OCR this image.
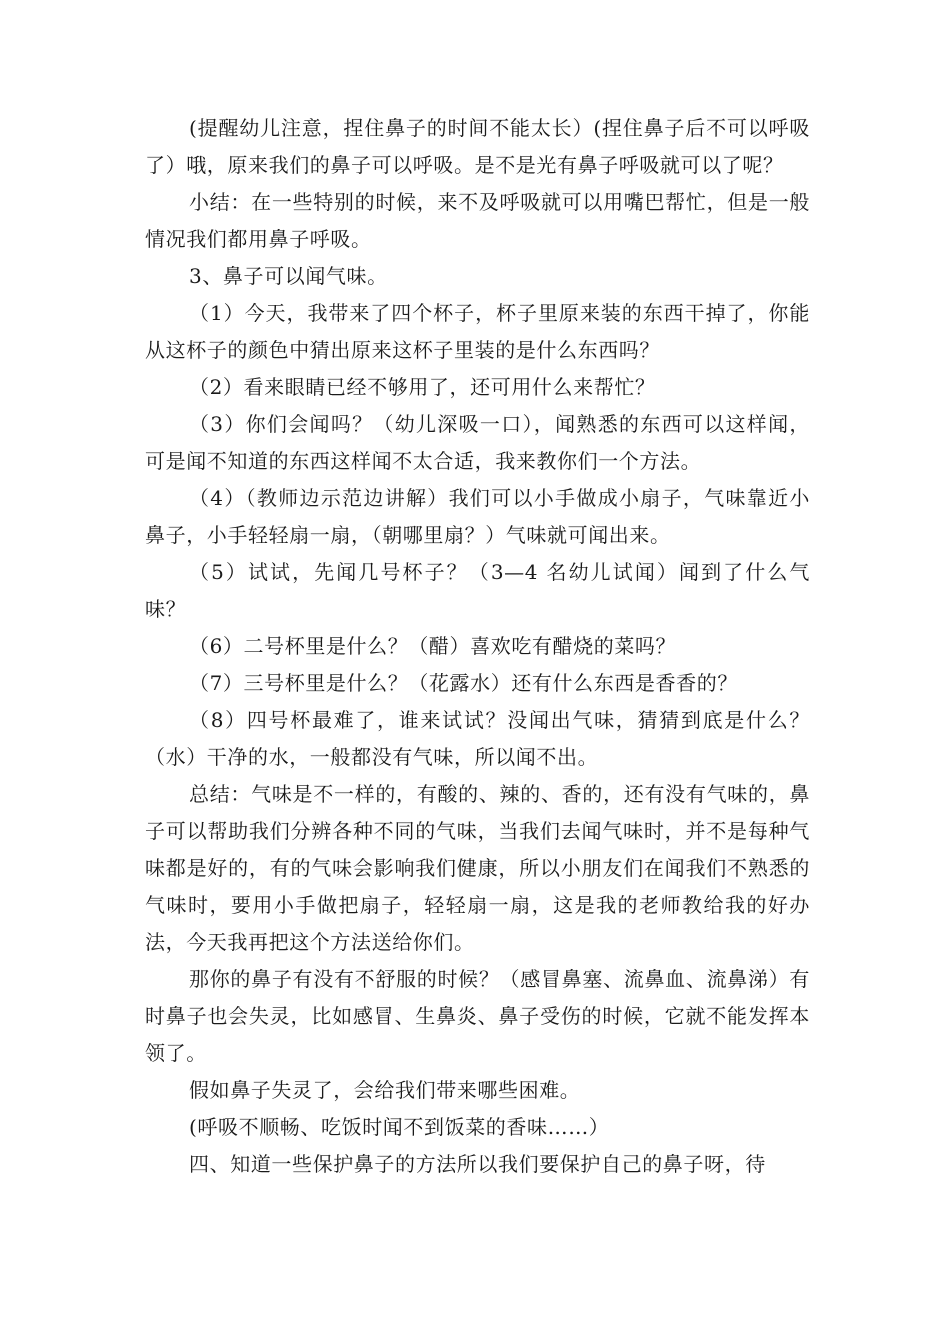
(提醒幼儿注意，捏住鼻子的时间不能太长）(捏住鼻子后不可以呼吸了）哦，原来我们的鼻子可以呼吸。是不是光有鼻子呼吸就可以了呢？

小结：在一些特别的时候，来不及呼吸就可以用嘴巴帮忙，但是一般情况我们都用鼻子呼吸。

3、鼻子可以闻气味。

（1）今天，我带来了四个杯子，杯子里原来装的东西干掉了，你能从这杯子的颜色中猜出原来这杯子里装的是什么东西吗？

（2）看来眼睛已经不够用了，还可用什么来帮忙？

（3）你们会闻吗？（幼儿深吸一口），闻熟悉的东西可以这样闻，可是闻不知道的东西这样闻不太合适，我来教你们一个方法。

（4）（教师边示范边讲解）我们可以小手做成小扇子，气味靠近小鼻子，小手轻轻扇一扇，（朝哪里扇？）气味就可闻出来。

（5）试试，先闻几号杯子？（3—4 名幼儿试闻）闻到了什么气味？

（6）二号杯里是什么？（醋）喜欢吃有醋烧的菜吗？

（7）三号杯里是什么？（花露水）还有什么东西是香香的？

（8）四号杯最难了，谁来试试？没闻出气味，猜猜到底是什么？（水）干净的水，一般都没有气味，所以闻不出。

总结：气味是不一样的，有酸的、辣的、香的，还有没有气味的，鼻子可以帮助我们分辨各种不同的气味，当我们去闻气味时，并不是每种气味都是好的，有的气味会影响我们健康，所以小朋友们在闻我们不熟悉的气味时，要用小手做把扇子，轻轻扇一扇，这是我的老师教给我的好办法，今天我再把这个方法送给你们。

那你的鼻子有没有不舒服的时候？（感冒鼻塞、流鼻血、流鼻涕）有时鼻子也会失灵，比如感冒、生鼻炎、鼻子受伤的时候，它就不能发挥本领了。

假如鼻子失灵了，会给我们带来哪些困难。

(呼吸不顺畅、吃饭时闻不到饭菜的香味……）

四、知道一些保护鼻子的方法所以我们要保护自己的鼻子呀，待
